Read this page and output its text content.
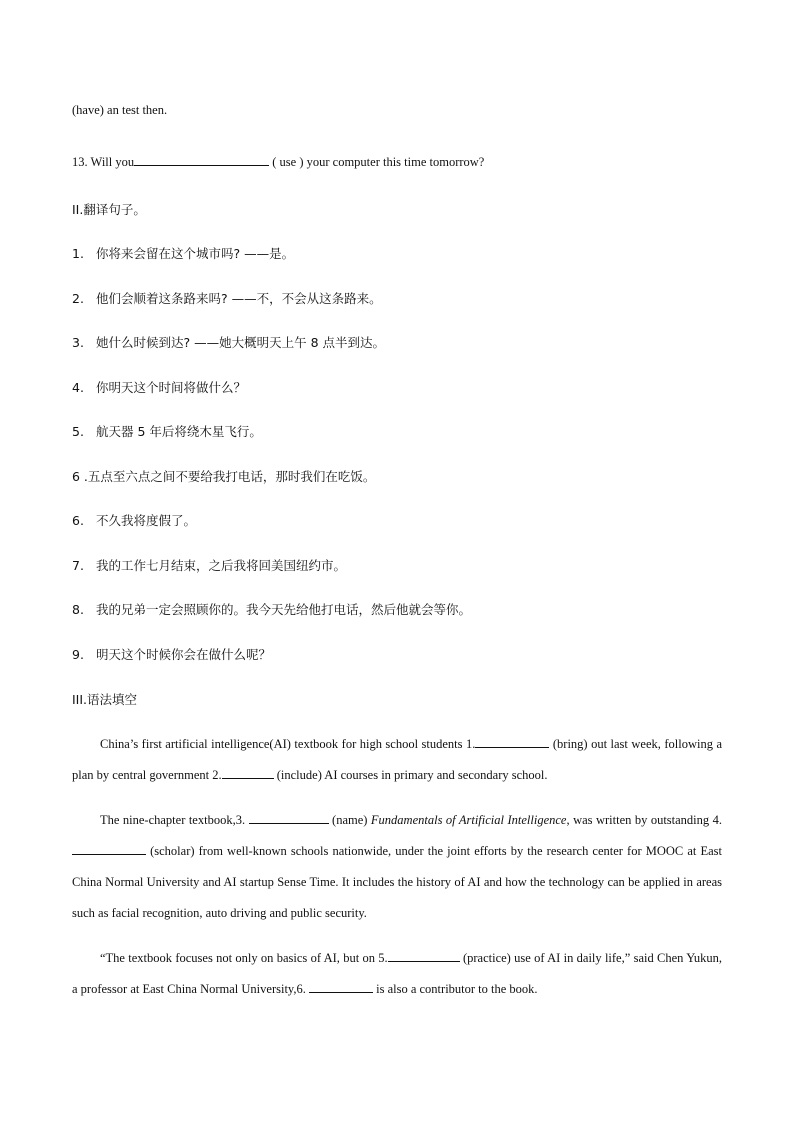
(have) an test then.
13. Will you	( use ) your computer this time tomorrow?
II.翻译句子。
1. 你将来会留在这个城市吗? ——是。
2. 他们会顺着这条路来吗? ——不，不会从这条路来。
3. 她什么时候到达? ——她大概明天上午 8 点半到达。
4. 你明天这个时间将做什么？
5. 航天器 5 年后将绕木星飞行。
6 .五点至六点之间不要给我打电话，那时我们在吃饭。
6. 不久我将度假了。
7. 我的工作七月结束，之后我将回美国纽约市。
8. 我的兄弟一定会照顾你的。我今天先给他打电话，然后他就会等你。
9. 明天这个时候你会在做什么呢？
III.语法填空
China’s first artificial intelligence(AI) textbook for high school students 1.	(bring) out last week, following a plan by central government 2.	(include) AI courses in primary and secondary school.
The nine-chapter textbook,3.	(name) Fundamentals of Artificial Intelligence, was written by outstanding 4. (scholar) from well-known schools nationwide, under the joint efforts by the research center for MOOC at East China Normal University and AI startup Sense Time. It includes the history of AI and how the technology can be applied in areas such as facial recognition, auto driving and public security.
“The textbook focuses not only on basics of AI, but on 5.	(practice) use of AI in daily life,” said Chen Yukun, a professor at East China Normal University,6.	is also a contributor to the book.
